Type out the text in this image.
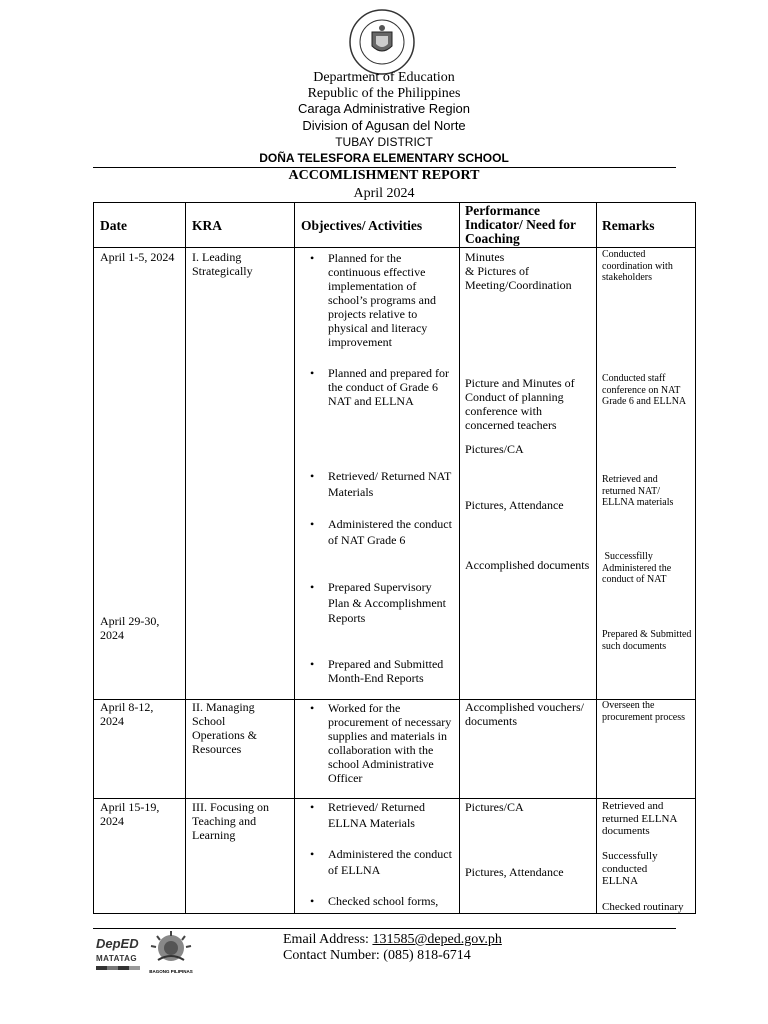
Department of Education
Republic of the Philippines
Caraga Administrative Region
Division of Agusan del Norte
TUBAY DISTRICT
DOÑA TELESFORA ELEMENTARY SCHOOL
ACCOMLISHMENT REPORT
April 2024
Date	KRA	Objectives/ Activities
Performance Indicator/ Need for Coaching
Remarks
April 1-5, 2024
April 29-30, 2024
I. Leading Strategically
• Planned for the continuous effective implementation of school’s programs and projects relative to physical and literacy improvement
• Planned and prepared for the conduct of Grade 6 NAT and ELLNA
• Retrieved/ Returned NAT Materials
• Administered the conduct of NAT Grade 6
• Prepared Supervisory Plan & Accomplishment Reports
• Prepared and Submitted Month-End Reports
Minutes
& Pictures of Meeting/Coordination
Picture and Minutes of Conduct of planning conference with concerned teachers
Pictures/CA
Pictures, Attendance
Accomplished documents
Conducted coordination with stakeholders
Conducted staff conference on NAT Grade 6 and ELLNA
Retrieved and returned NAT/ ELLNA materials
Successfilly Administered the conduct of NAT
Prepared & Submitted such documents
April 8-12, 2024
II. Managing School Operations & Resources
• Worked for the procurement of necessary supplies and materials in collaboration with the school Administrative Officer
Accomplished vouchers/ documents
Overseen the procurement process
April 15-19, 2024
III. Focusing on Teaching and Learning
• Retrieved/ Returned ELLNA Materials
• Administered the conduct of ELLNA
• Checked school forms,
Pictures/CA
Pictures, Attendance
Retrieved and returned ELLNA documents
Successfully conducted ELLNA
Checked routinary
DepED
MATATAG
BAGONG PILIPINAS
Email Address: 131585@deped.gov.ph
Contact Number: (085) 818-6714
